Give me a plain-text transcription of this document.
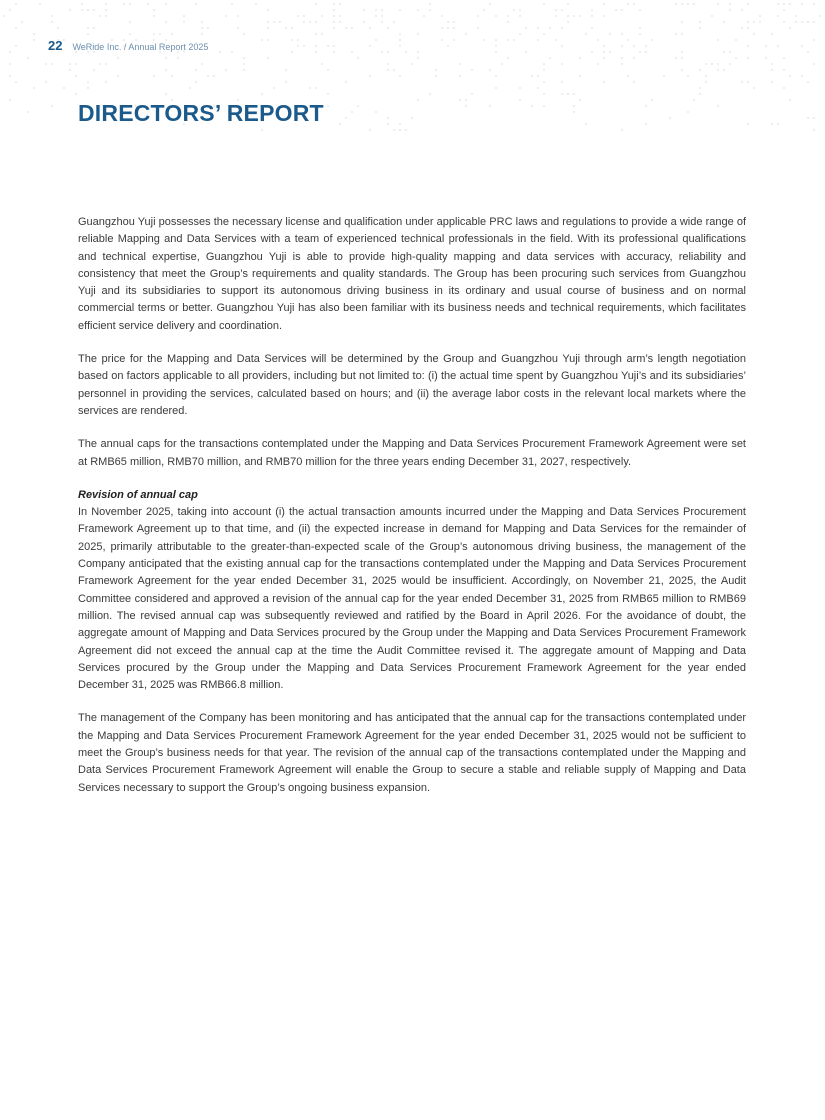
22 WeRide Inc. / Annual Report 2025
DIRECTORS’ REPORT

Guangzhou Yuji possesses the necessary license and qualification under applicable PRC laws and regulations to provide a wide range of reliable Mapping and Data Services with a team of experienced technical professionals in the field. With its professional qualifications and technical expertise, Guangzhou Yuji is able to provide high-quality mapping and data services with accuracy, reliability and consistency that meet the Group’s requirements and quality standards. The Group has been procuring such services from Guangzhou Yuji and its subsidiaries to support its autonomous driving business in its ordinary and usual course of business and on normal commercial terms or better. Guangzhou Yuji has also been familiar with its business needs and technical requirements, which facilitates efficient service delivery and coordination.

The price for the Mapping and Data Services will be determined by the Group and Guangzhou Yuji through arm’s length negotiation based on factors applicable to all providers, including but not limited to: (i) the actual time spent by Guangzhou Yuji’s and its subsidiaries’ personnel in providing the services, calculated based on hours; and (ii) the average labor costs in the relevant local markets where the services are rendered.

The annual caps for the transactions contemplated under the Mapping and Data Services Procurement Framework Agreement were set at RMB65 million, RMB70 million, and RMB70 million for the three years ending December 31, 2027, respectively.

Revision of annual cap
In November 2025, taking into account (i) the actual transaction amounts incurred under the Mapping and Data Services Procurement Framework Agreement up to that time, and (ii) the expected increase in demand for Mapping and Data Services for the remainder of 2025, primarily attributable to the greater-than-expected scale of the Group’s autonomous driving business, the management of the Company anticipated that the existing annual cap for the transactions contemplated under the Mapping and Data Services Procurement Framework Agreement for the year ended December 31, 2025 would be insufficient. Accordingly, on November 21, 2025, the Audit Committee considered and approved a revision of the annual cap for the year ended December 31, 2025 from RMB65 million to RMB69 million. The revised annual cap was subsequently reviewed and ratified by the Board in April 2026. For the avoidance of doubt, the aggregate amount of Mapping and Data Services procured by the Group under the Mapping and Data Services Procurement Framework Agreement did not exceed the annual cap at the time the Audit Committee revised it. The aggregate amount of Mapping and Data Services procured by the Group under the Mapping and Data Services Procurement Framework Agreement for the year ended December 31, 2025 was RMB66.8 million.

The management of the Company has been monitoring and has anticipated that the annual cap for the transactions contemplated under the Mapping and Data Services Procurement Framework Agreement for the year ended December 31, 2025 would not be sufficient to meet the Group’s business needs for that year. The revision of the annual cap of the transactions contemplated under the Mapping and Data Services Procurement Framework Agreement will enable the Group to secure a stable and reliable supply of Mapping and Data Services necessary to support the Group’s ongoing business expansion.
